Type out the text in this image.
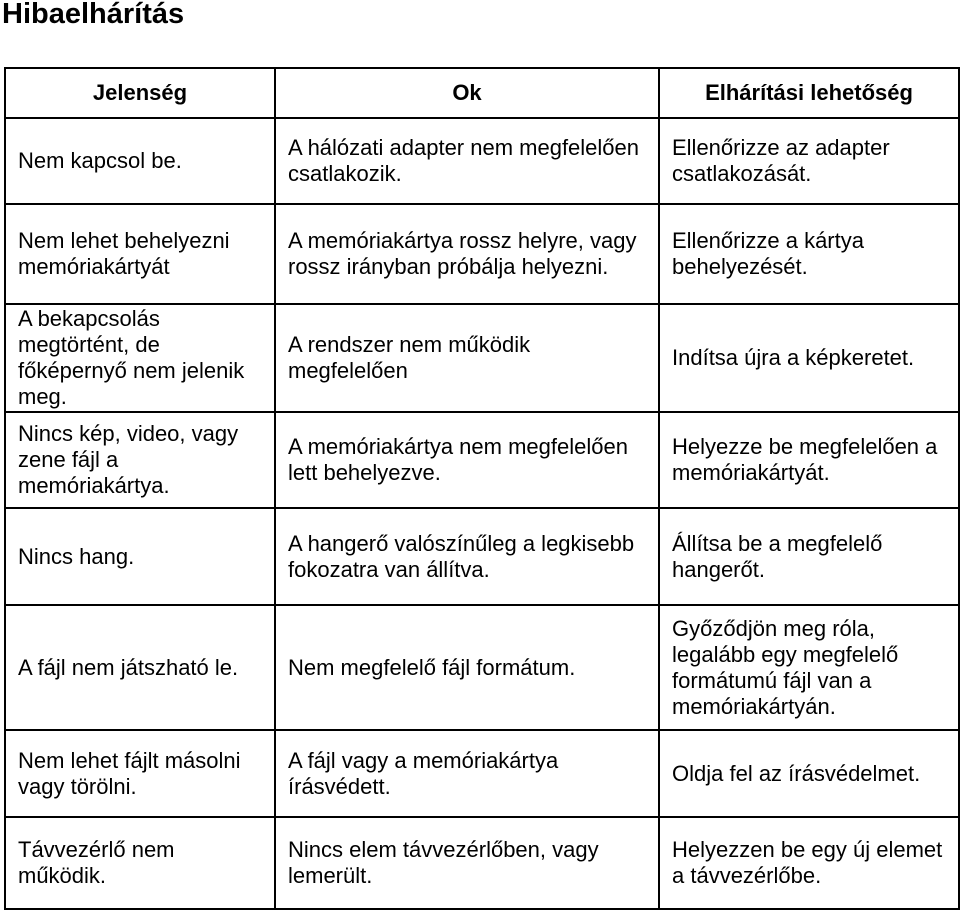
Hibaelhárítás
Jelenség	Ok	Elhárítási lehetőség
Nem kapcsol be.	A hálózati adapter nem megfelelően csatlakozik.	Ellenőrizze az adapter csatlakozását.
Nem lehet behelyezni memóriakártyát	A memóriakártya rossz helyre, vagy rossz irányban próbálja helyezni.	Ellenőrizze a kártya behelyezését.
A bekapcsolás megtörtént, de főképernyő nem jelenik meg.	A rendszer nem működik megfelelően	Indítsa újra a képkeretet.
Nincs kép, video, vagy zene fájl a memóriakártya.	A memóriakártya nem megfelelően lett behelyezve.	Helyezze be megfelelően a memóriakártyát.
Nincs hang.	A hangerő valószínűleg a legkisebb fokozatra van állítva.	Állítsa be a megfelelő hangerőt.
A fájl nem játszható le.	Nem megfelelő fájl formátum.	Győződjön meg róla, legalább egy megfelelő formátumú fájl van a memóriakártyán.
Nem lehet fájlt másolni vagy törölni.	A fájl vagy a memóriakártya írásvédett.	Oldja fel az írásvédelmet.
Távvezérlő nem működik.	Nincs elem távvezérlőben, vagy lemerült.	Helyezzen be egy új elemet a távvezérlőbe.
